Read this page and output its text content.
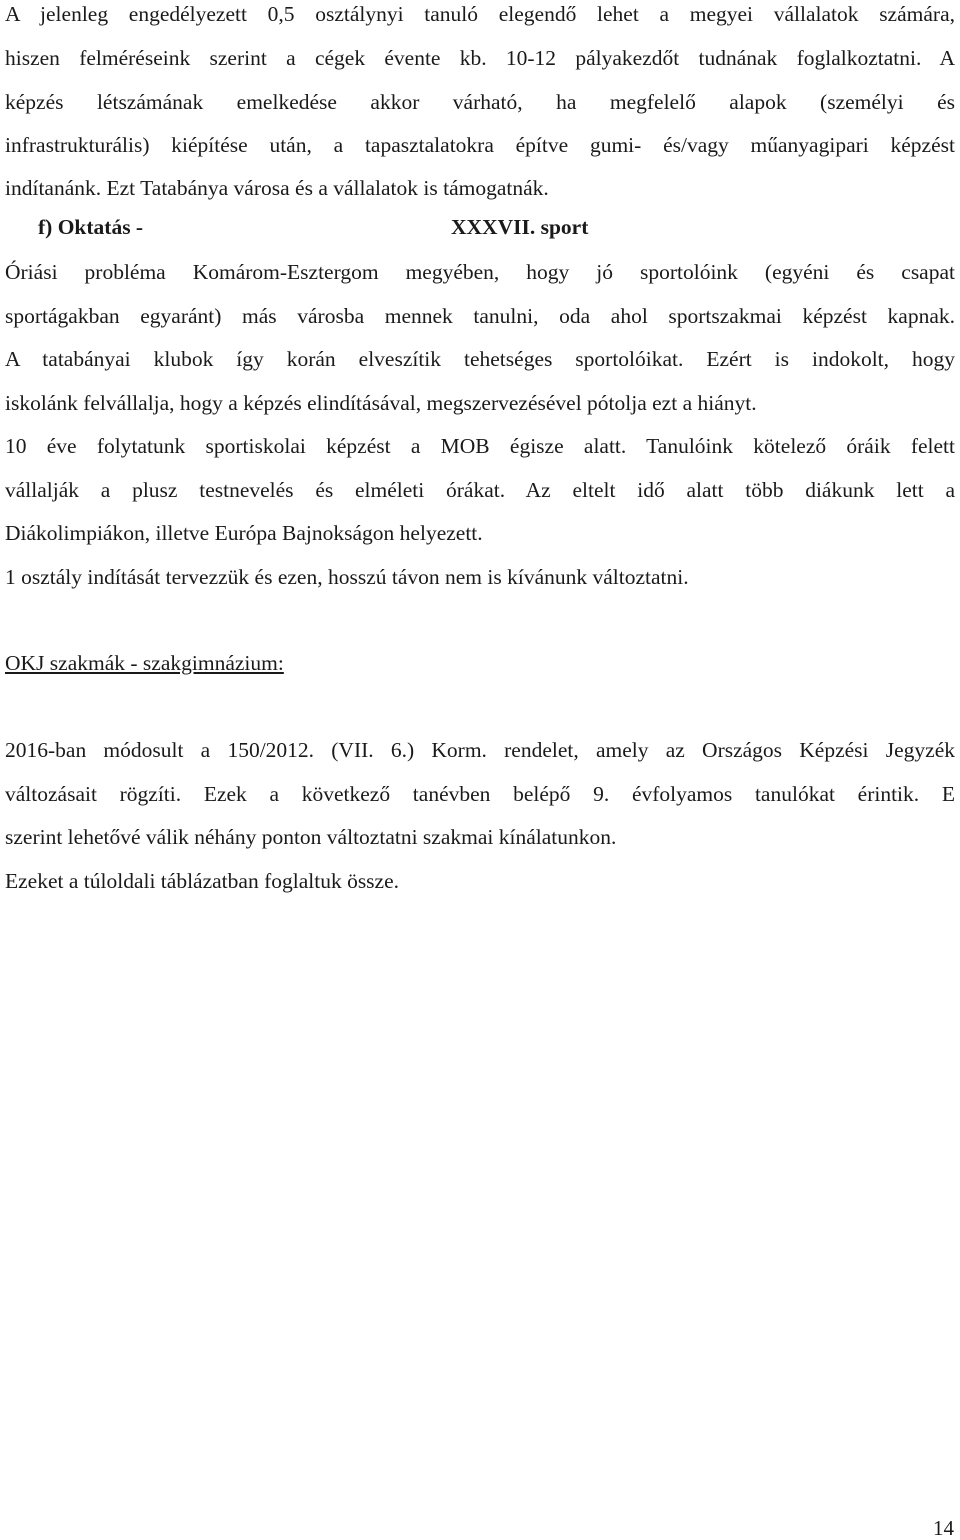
A jelenleg engedélyezett 0,5 osztálynyi tanuló elegendő lehet a megyei vállalatok számára,
hiszen felméréseink szerint a cégek évente kb. 10-12 pályakezdőt tudnának foglalkoztatni. A
képzés létszámának emelkedése akkor várható, ha megfelelő alapok (személyi és
infrastrukturális) kiépítése után, a tapasztalatokra építve gumi- és/vagy műanyagipari képzést
indítanánk. Ezt Tatabánya városa és a vállalatok is támogatnák.
f) Oktatás -	XXXVII. sport
Óriási probléma Komárom-Esztergom megyében, hogy jó sportolóink (egyéni és csapat
sportágakban egyaránt) más városba mennek tanulni, oda ahol sportszakmai képzést kapnak.
A tatabányai klubok így korán elveszítik tehetséges sportolóikat. Ezért is indokolt, hogy
iskolánk felvállalja, hogy a képzés elindításával, megszervezésével pótolja ezt a hiányt.
10 éve folytatunk sportiskolai képzést a MOB égisze alatt. Tanulóink kötelező óráik felett
vállalják a plusz testnevelés és elméleti órákat. Az eltelt idő alatt több diákunk lett a
Diákolimpiákon, illetve Európa Bajnokságon helyezett.
1 osztály indítását tervezzük és ezen, hosszú távon nem is kívánunk változtatni.
OKJ szakmák - szakgimnázium:
2016-ban módosult a 150/2012. (VII. 6.) Korm. rendelet, amely az Országos Képzési Jegyzék
változásait rögzíti. Ezek a következő tanévben belépő 9. évfolyamos tanulókat érintik. E
szerint lehetővé válik néhány ponton változtatni szakmai kínálatunkon.
Ezeket a túloldali táblázatban foglaltuk össze.
14
